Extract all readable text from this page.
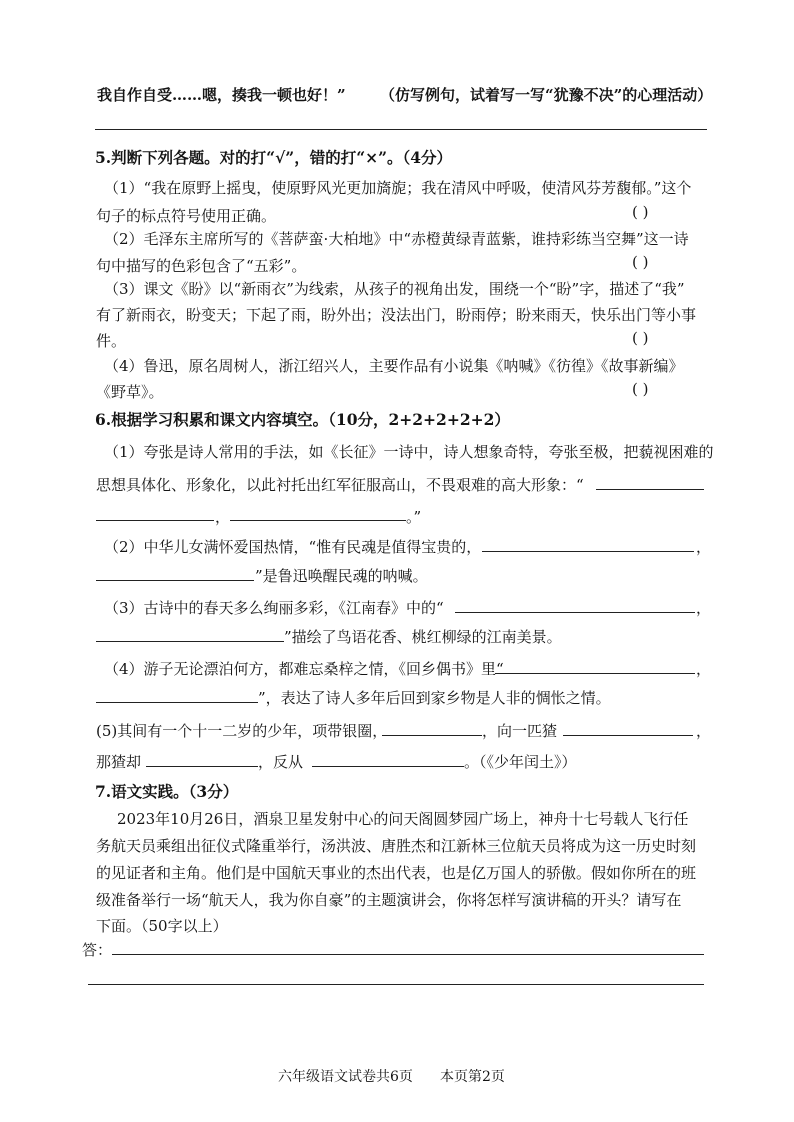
我自作自受……嗯，揍我一顿也好！” （仿写例句，试着写一写“犹豫不决”的心理活动）
5.判断下列各题。对的打“√”，错的打“×”。（4分）
（1）“我在原野上摇曳，使原野风光更加旖旎；我在清风中呼吸，使清风芬芳馥郁。”这个
句子的标点符号使用正确。	( )
（2）毛泽东主席所写的《菩萨蛮·大柏地》中“赤橙黄绿青蓝紫，谁持彩练当空舞”这一诗
句中描写的色彩包含了“五彩”。	( )
（3）课文《盼》以“新雨衣”为线索，从孩子的视角出发，围绕一个“盼”字，描述了“我”
有了新雨衣，盼变天；下起了雨，盼外出；没法出门，盼雨停；盼来雨天，快乐出门等小事
件。	( )
（4）鲁迅，原名周树人，浙江绍兴人，主要作品有小说集《呐喊》《彷徨》《故事新编》
《野草》。	( )
6.根据学习积累和课文内容填空。（10分，2+2+2+2+2）
（1）夸张是诗人常用的手法，如《长征》一诗中，诗人想象奇特，夸张至极，把藐视困难的
思想具体化、形象化，以此衬托出红军征服高山，不畏艰难的高大形象：“
，	。”
（2）中华儿女满怀爱国热情，“惟有民魂是值得宝贵的，	，
”是鲁迅唤醒民魂的呐喊。
（3）古诗中的春天多么绚丽多彩，《江南春》中的“	，
”描绘了鸟语花香、桃红柳绿的江南美景。
（4）游子无论漂泊何方，都难忘桑梓之情，《回乡偶书》里“	，
”，表达了诗人多年后回到家乡物是人非的惆怅之情。
(5)其间有一个十一二岁的少年，项带银圈，	，向一匹猹	，
那猹却	，反从	。（《少年闰土》）
7.语文实践。（3分）
2023年10月26日，酒泉卫星发射中心的问天阁圆梦园广场上，神舟十七号载人飞行任
务航天员乘组出征仪式隆重举行，汤洪波、唐胜杰和江新林三位航天员将成为这一历史时刻
的见证者和主角。他们是中国航天事业的杰出代表，也是亿万国人的骄傲。假如你所在的班
级准备举行一场“航天人，我为你自豪”的主题演讲会，你将怎样写演讲稿的开头？请写在
下面。（50字以上）
答：
六年级语文试卷共6页 本页第2页
